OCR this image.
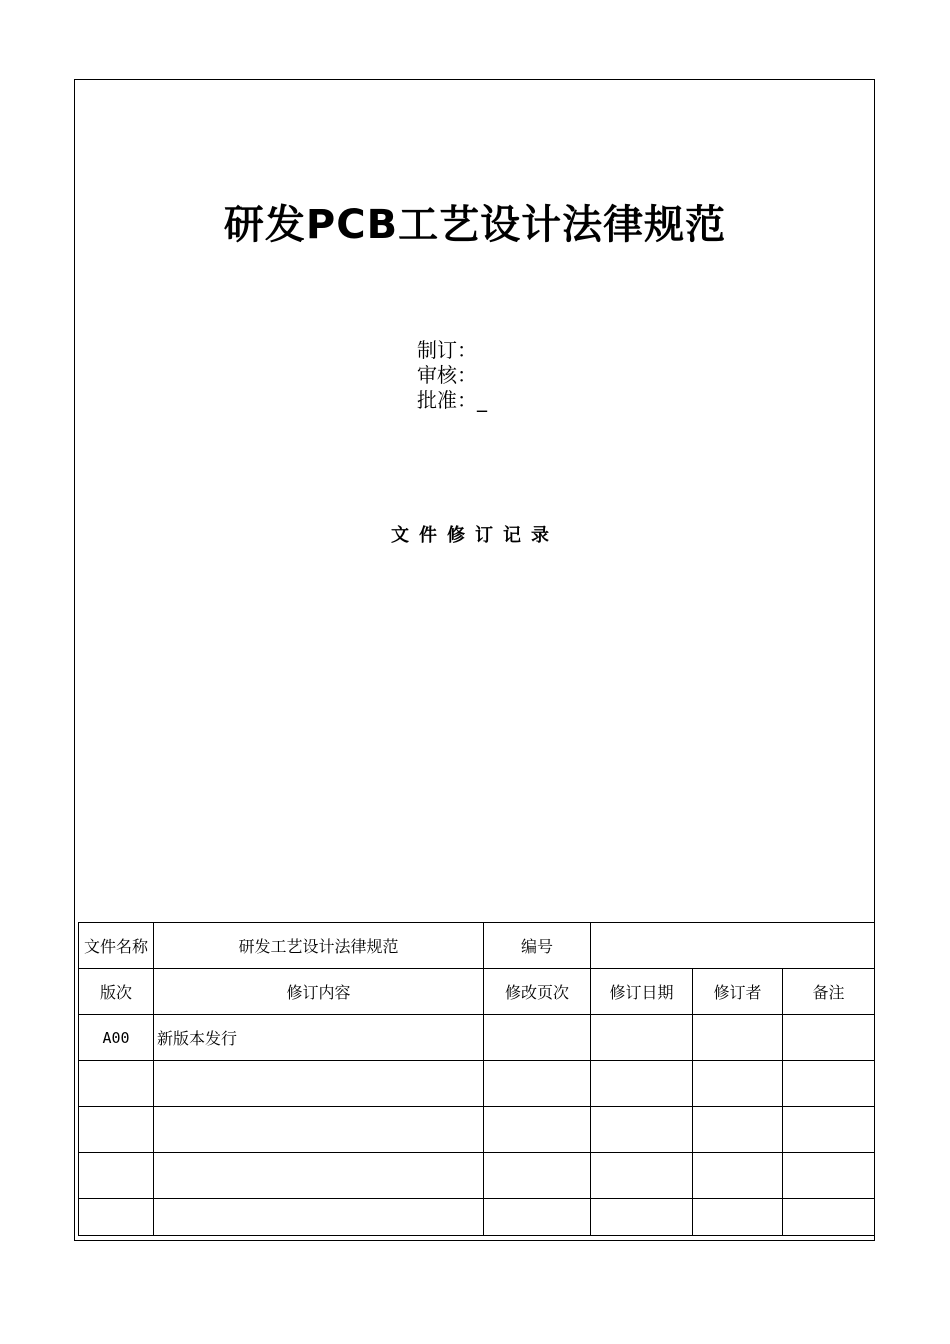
研发PCB工艺设计法律规范
制订：
审核：
批准：_
文件修订记录
文件名称	研发工艺设计法律规范	编号			
版次	修订内容	修改页次	修订日期	修订者	备注
A00	新版本发行				
